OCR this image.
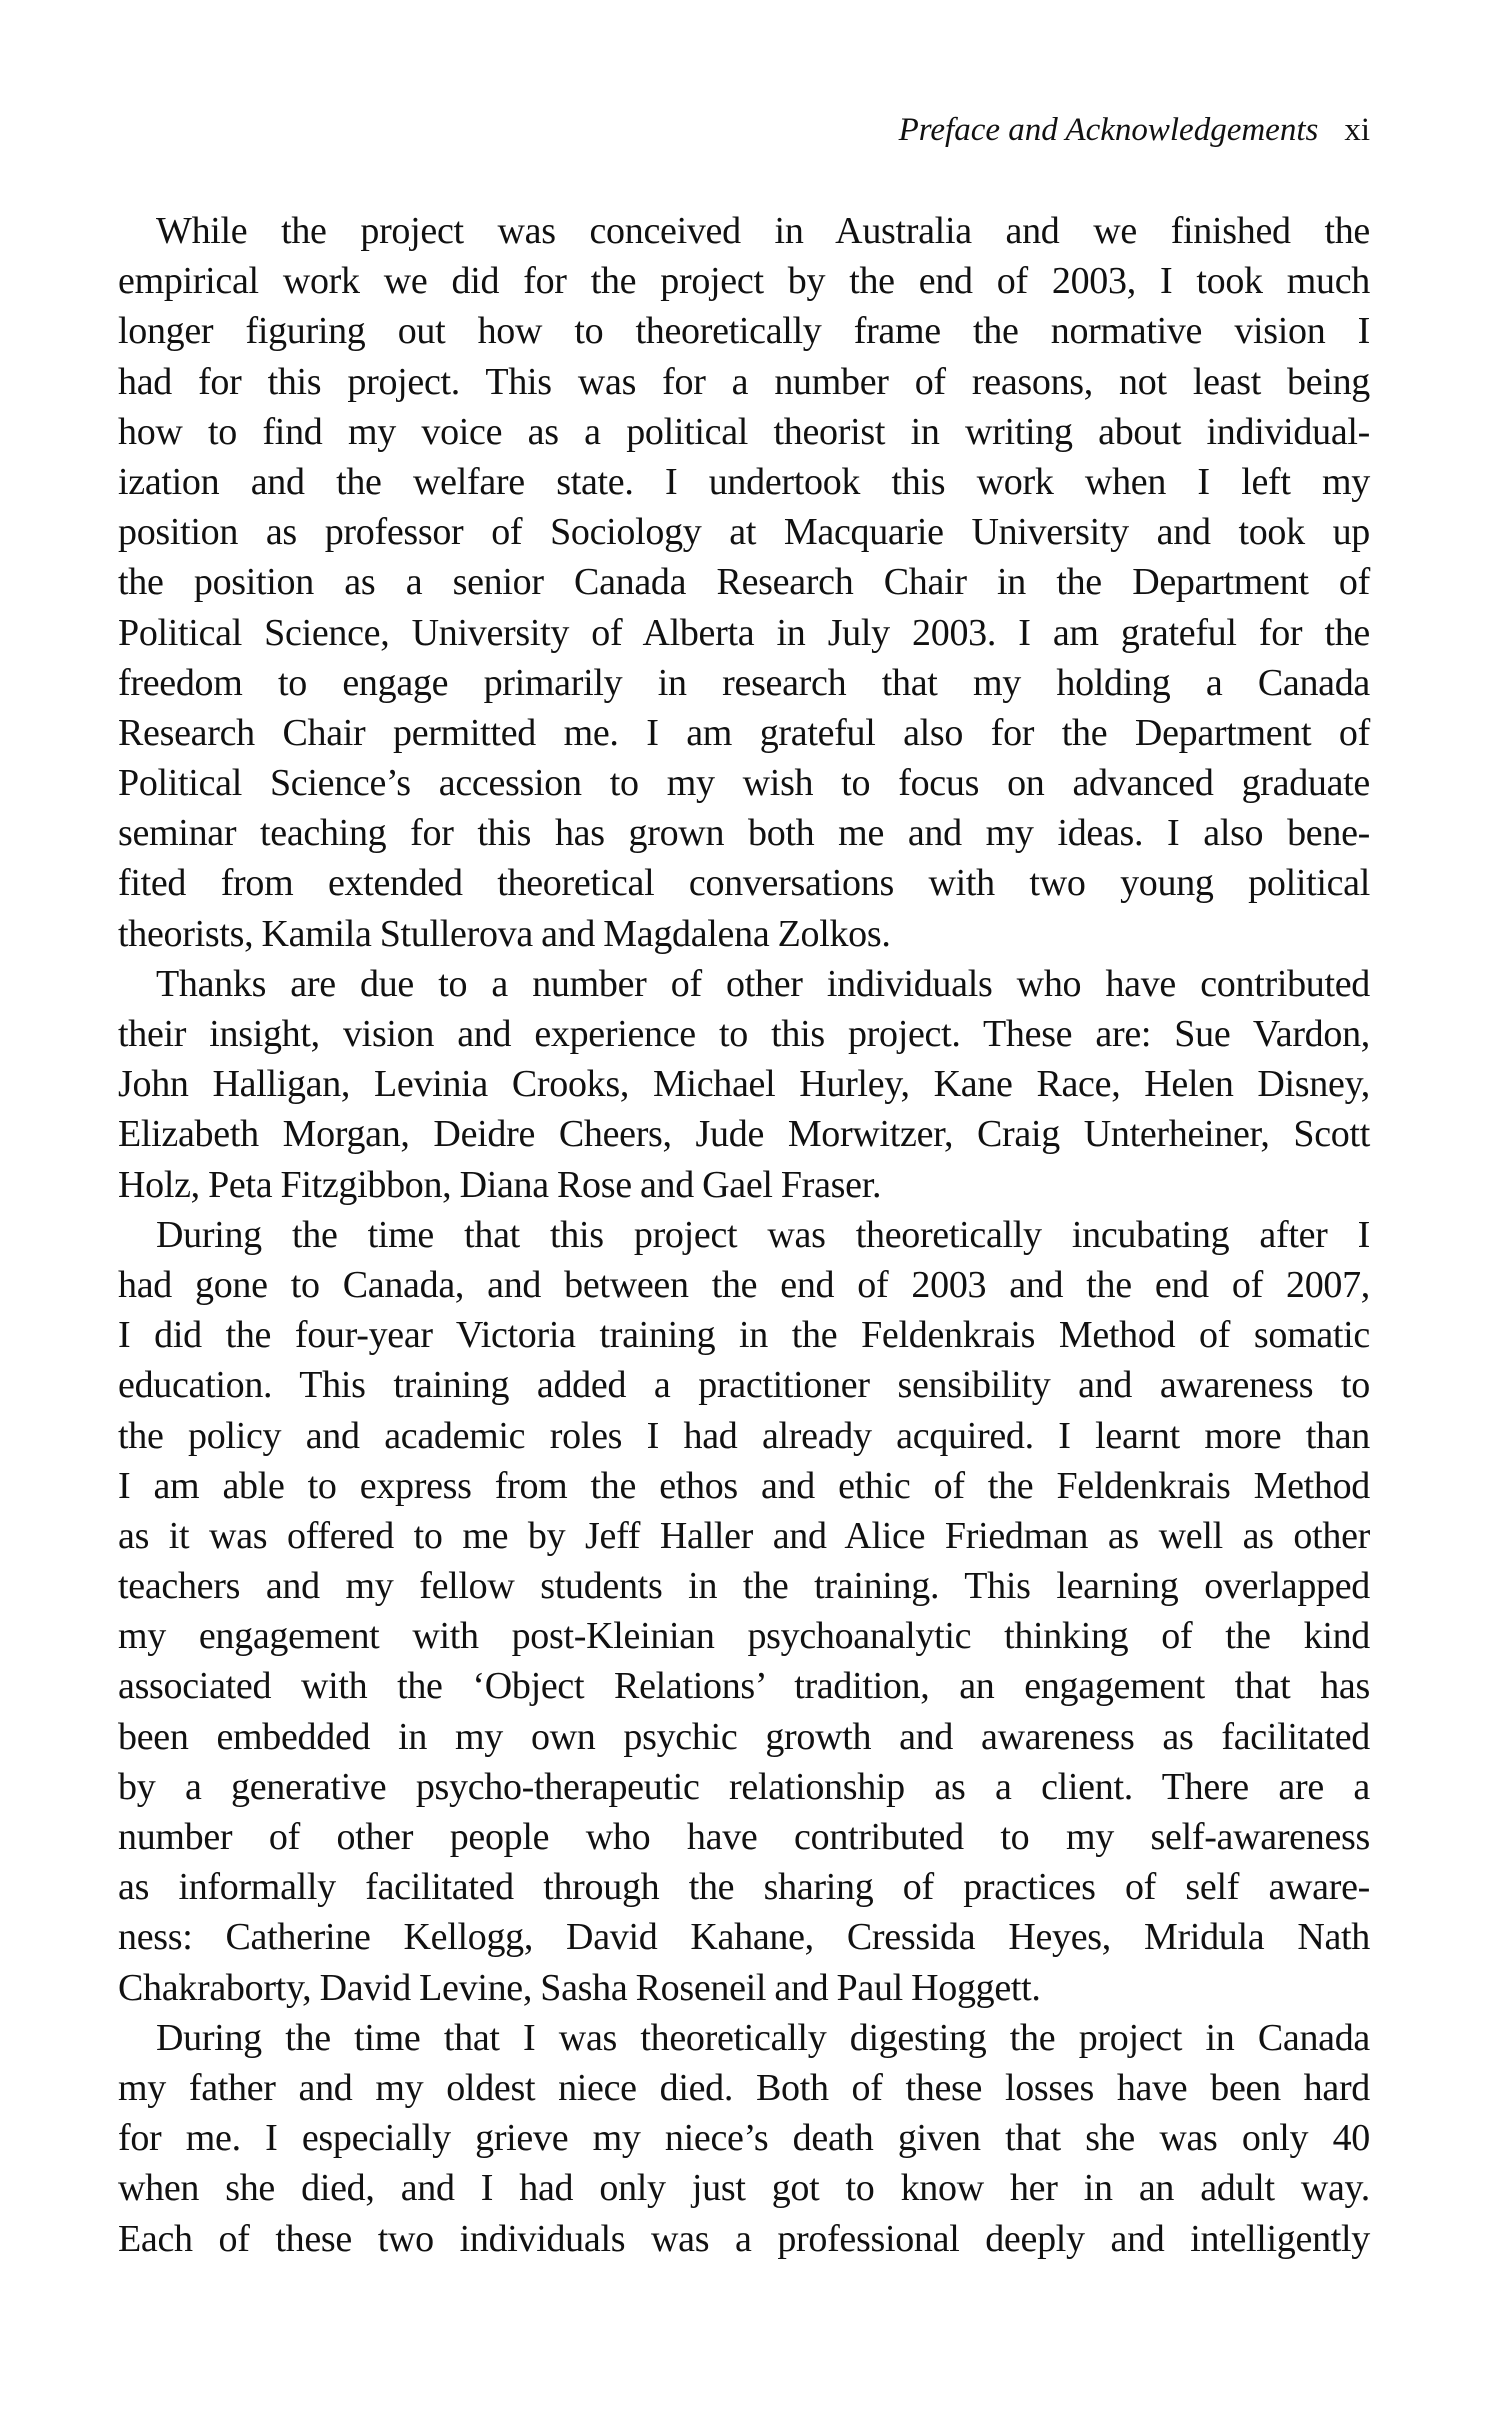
Preface and Acknowledgements xi
While the project was conceived in Australia and we finished the
empirical work we did for the project by the end of 2003, I took much
longer figuring out how to theoretically frame the normative vision I
had for this project. This was for a number of reasons, not least being
how to find my voice as a political theorist in writing about individual-
ization and the welfare state. I undertook this work when I left my
position as professor of Sociology at Macquarie University and took up
the position as a senior Canada Research Chair in the Department of
Political Science, University of Alberta in July 2003. I am grateful for the
freedom to engage primarily in research that my holding a Canada
Research Chair permitted me. I am grateful also for the Department of
Political Science’s accession to my wish to focus on advanced graduate
seminar teaching for this has grown both me and my ideas. I also bene-
fited from extended theoretical conversations with two young political
theorists, Kamila Stullerova and Magdalena Zolkos.
Thanks are due to a number of other individuals who have contributed
their insight, vision and experience to this project. These are: Sue Vardon,
John Halligan, Levinia Crooks, Michael Hurley, Kane Race, Helen Disney,
Elizabeth Morgan, Deidre Cheers, Jude Morwitzer, Craig Unterheiner, Scott
Holz, Peta Fitzgibbon, Diana Rose and Gael Fraser.
During the time that this project was theoretically incubating after I
had gone to Canada, and between the end of 2003 and the end of 2007,
I did the four-year Victoria training in the Feldenkrais Method of somatic
education. This training added a practitioner sensibility and awareness to
the policy and academic roles I had already acquired. I learnt more than
I am able to express from the ethos and ethic of the Feldenkrais Method
as it was offered to me by Jeff Haller and Alice Friedman as well as other
teachers and my fellow students in the training. This learning overlapped
my engagement with post-Kleinian psychoanalytic thinking of the kind
associated with the ‘Object Relations’ tradition, an engagement that has
been embedded in my own psychic growth and awareness as facilitated
by a generative psycho-therapeutic relationship as a client. There are a
number of other people who have contributed to my self-awareness
as informally facilitated through the sharing of practices of self aware-
ness: Catherine Kellogg, David Kahane, Cressida Heyes, Mridula Nath
Chakraborty, David Levine, Sasha Roseneil and Paul Hoggett.
During the time that I was theoretically digesting the project in Canada
my father and my oldest niece died. Both of these losses have been hard
for me. I especially grieve my niece’s death given that she was only 40
when she died, and I had only just got to know her in an adult way.
Each of these two individuals was a professional deeply and intelligently
